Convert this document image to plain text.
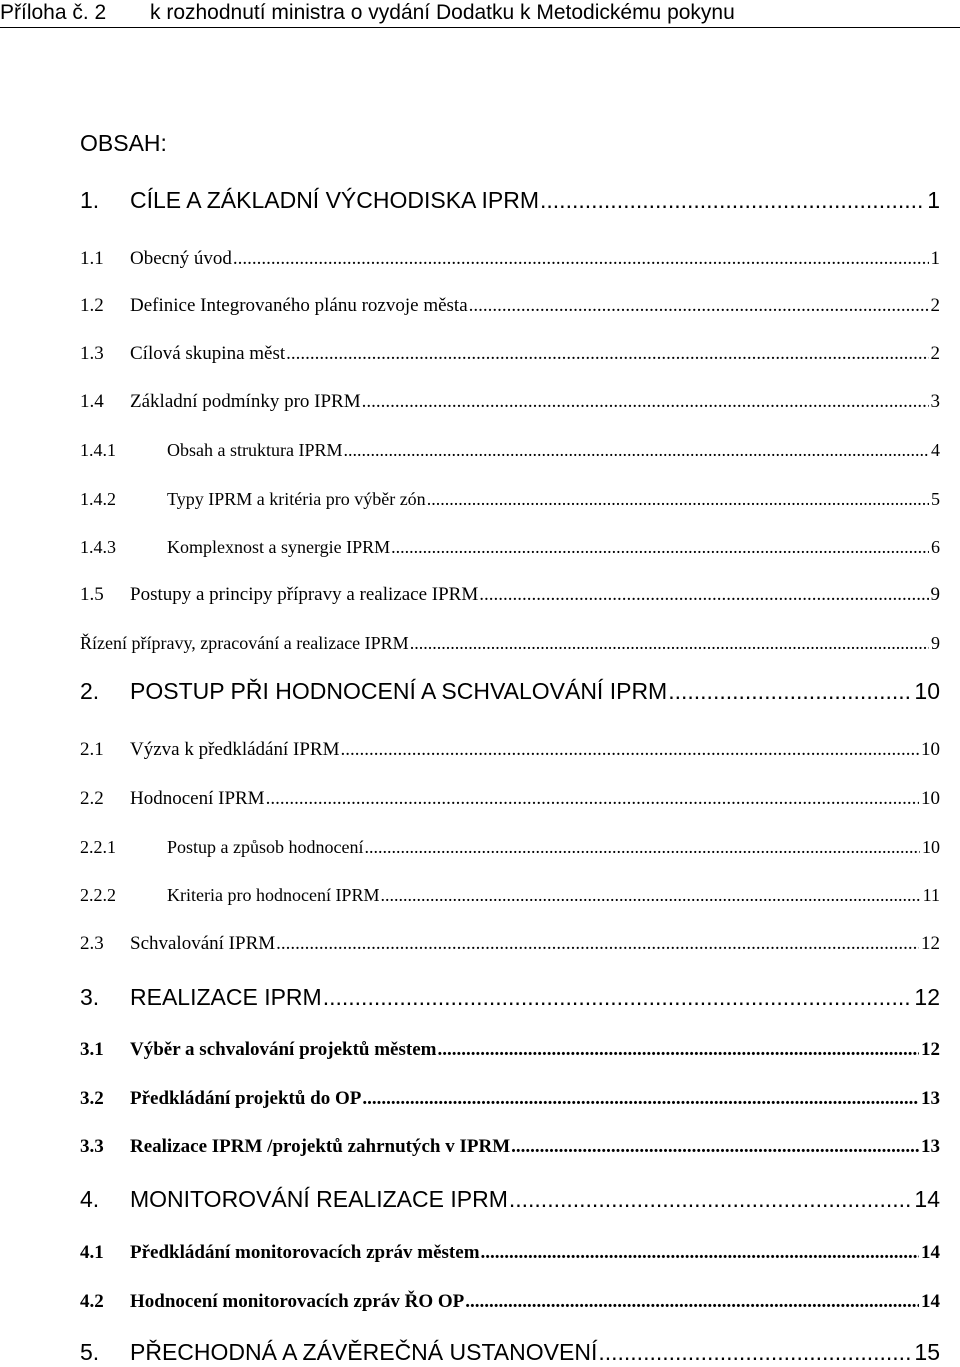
Příloha č. 2 k rozhodnutí ministra o vydání Dodatku k Metodickému pokynu
OBSAH:
1. CÍLE A ZÁKLADNÍ VÝCHODISKA IPRM .....	1
1.1 Obecný úvod .....	1
1.2 Definice Integrovaného plánu rozvoje města .....	2
1.3 Cílová skupina měst .....	2
1.4 Základní podmínky pro IPRM .....	3
1.4.1	Obsah a struktura IPRM .....	4
1.4.2	Typy IPRM a kritéria pro výběr zón .....	5
1.4.3	Komplexnost a synergie IPRM .....	6
1.5 Postupy a principy přípravy a realizace IPRM .....	9
Řízení přípravy, zpracování a realizace IPRM .....	9
2. POSTUP PŘI HODNOCENÍ A SCHVALOVÁNÍ IPRM .....	10
2.1 Výzva k předkládání IPRM .....	10
2.2 Hodnocení IPRM .....	10
2.2.1	Postup a způsob hodnocení .....	10
2.2.2	Kriteria pro hodnocení IPRM .....	11
2.3 Schvalování IPRM .....	12
3. REALIZACE IPRM .....	12
3.1 Výběr a schvalování projektů městem .....	12
3.2 Předkládání projektů do OP .....	13
3.3 Realizace IPRM /projektů zahrnutých v IPRM .....	13
4. MONITOROVÁNÍ REALIZACE IPRM .....	14
4.1 Předkládání monitorovacích zpráv městem .....	14
4.2 Hodnocení monitorovacích zpráv ŘO OP .....	14
5. PŘECHODNÁ A ZÁVĚREČNÁ USTANOVENÍ .....	15
